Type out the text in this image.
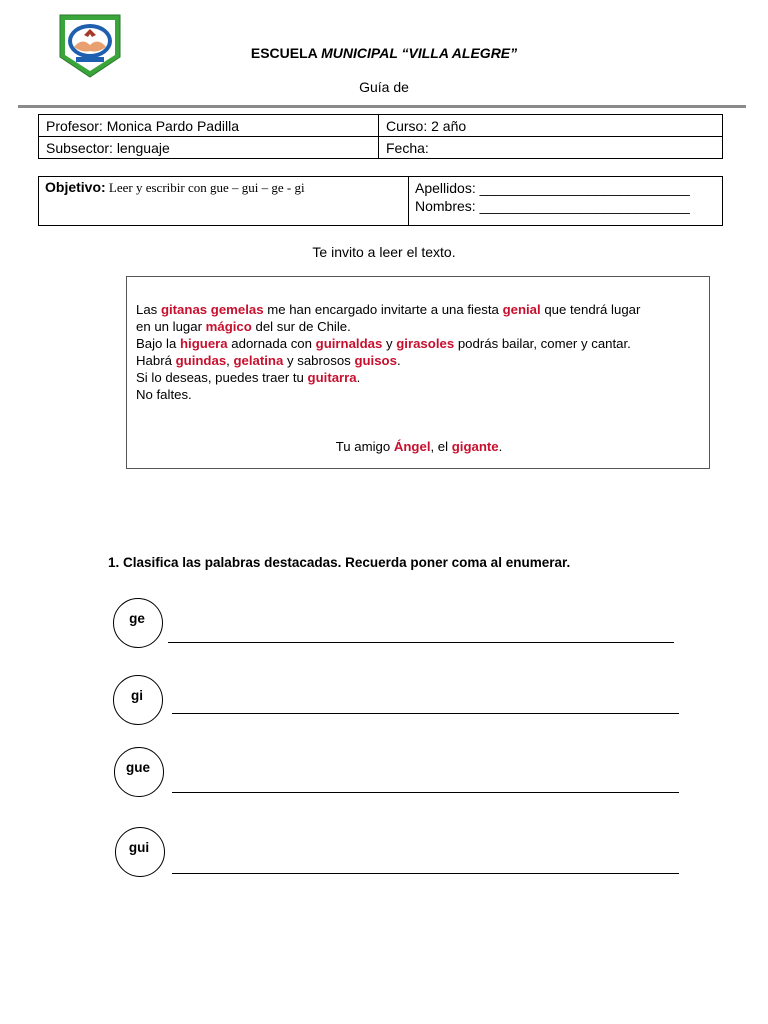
ESCUELA MUNICIPAL “VILLA ALEGRE”
Guía de
Profesor: Monica Pardo Padilla	Curso: 2 año
Subsector: lenguaje	Fecha:
Objetivo: Leer y escribir con gue – gui – ge - gi	Apellidos: ___________________________
Nombres: ___________________________
Te invito a leer el texto.
Las gitanas gemelas me han encargado invitarte a una fiesta genial que tendrá lugar
en un lugar mágico del sur de Chile.
Bajo la higuera adornada con guirnaldas y girasoles podrás bailar, comer y cantar.
Habrá guindas, gelatina y sabrosos guisos.
Si lo deseas, puedes traer tu guitarra.
No faltes.
Tu amigo Ángel, el gigante.
1. Clasifica las palabras destacadas. Recuerda poner coma al enumerar.
ge
gi
gue
gui
